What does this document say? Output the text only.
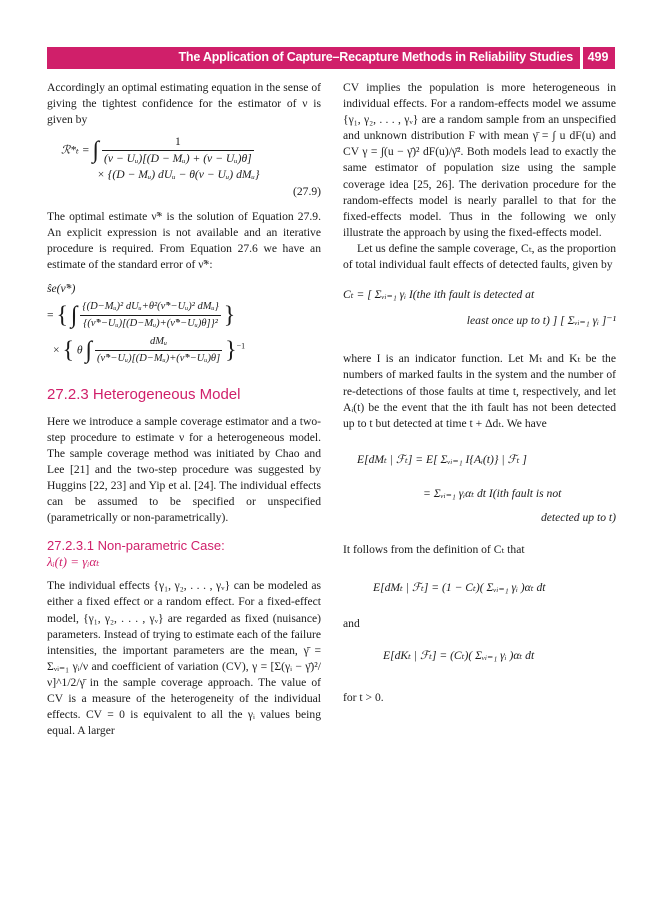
The Application of Capture–Recapture Methods in Reliability Studies 499

Accordingly an optimal estimating equation in the sense of giving the tightest confidence for the estimator of ν is given by

ℛ*ₜ = ∫ $\frac{1}{\text{(ν − Uᵤ)[(D − Mᵤ) + (ν − Uᵤ)θ]}}$
× {(D − Mᵤ) dUᵤ − θ(ν − Uᵤ) dMᵤ}
(27.9)

The optimal estimate ν̃* is the solution of Equation 27.9. An explicit expression is not available and an iterative procedure is required. From Equation 27.6 we have an estimate of the standard error of ν̃*:

ŝe(ν̃*)
= { ∫ $\frac{\text{\{(D−Mᵤ)² dUᵤ+θ²(ν̃*−Uᵤ)² dMᵤ\}}}{\text{\{(ν̃*−Uᵤ)[(D−Mᵤ)+(ν̃*−Uᵤ)θ]\}²}}$ }
× { θ ∫ $\frac{\text{dMᵤ}}{\text{(ν̃*−Uᵤ)[(D−Mᵤ)+(ν̃*−Uᵤ)θ]}} \}^{-1}$
27.2.3 Heterogeneous Model

Here we introduce a sample coverage estimator and a two-step procedure to estimate ν for a heterogeneous model. The sample coverage method was initiated by Chao and Lee [21] and the two-step procedure was suggested by Huggins [22, 23] and Yip et al. [24]. The individual effects can be assumed to be specified or unspecified (parametrically or non-parametrically).

27.2.3.1 Non-parametric Case:
λᵢ(t) = γᵢαₜ

The individual effects {γ₁, γ₂, . . . , γᵥ} can be modeled as either a fixed effect or a random effect. For a fixed-effect model, {γ₁, γ₂, . . . , γᵥ} are regarded as fixed (nuisance) parameters. Instead of trying to estimate each of the failure intensities, the important parameters are the mean, γ̄ = Σᵥᵢ₌₁ γᵢ/ν and coefficient of variation (CV), γ = [Σ(γᵢ − γ̄)²/ν]^1/2/γ̄ in the sample coverage approach. The value of CV is a measure of the heterogeneity of the individual effects. CV = 0 is equivalent to all the γᵢ values being equal. A larger

CV implies the population is more heterogeneous in individual effects. For a random-effects model we assume {γ₁, γ₂, . . . , γᵥ} are a random sample from an unspecified and unknown distribution F with mean γ̄ = ∫ u dF(u) and CV γ = ∫(u − γ̄)² dF(u)/γ̄². Both models lead to exactly the same estimator of population size using the sample coverage idea [25, 26]. The derivation procedure for the random-effects model is nearly parallel to that for the fixed-effects model. Thus in the following we only illustrate the approach by using the fixed-effects model.

Let us define the sample coverage, Cₜ, as the proportion of total individual fault effects of detected faults, given by

Cₜ = [ Σᵥᵢ₌₁ γᵢ I(the ith fault is detected at
least once up to t) ] [ Σᵥᵢ₌₁ γᵢ ]⁻¹

where I is an indicator function. Let Mₜ and Kₜ be the numbers of marked faults in the system and the number of re-detections of those faults at time t, respectively, and let Aᵢ(t) be the event that the ith fault has not been detected up to t but detected at time t + Δdₜ. We have

E[dMₜ | ℱₜ] = E[ Σᵥᵢ₌₁ I{Aᵢ(t)} | ℱₜ ]
= Σᵥᵢ₌₁ γᵢαₜ dt I(ith fault is not
detected up to t)

It follows from the definition of Cₜ that

E[dMₜ | ℱₜ] = (1 − Cₜ)( Σᵥᵢ₌₁ γᵢ )αₜ dt

and

E[dKₜ | ℱₜ] = (Cₜ)( Σᵥᵢ₌₁ γᵢ )αₜ dt

for t > 0.
